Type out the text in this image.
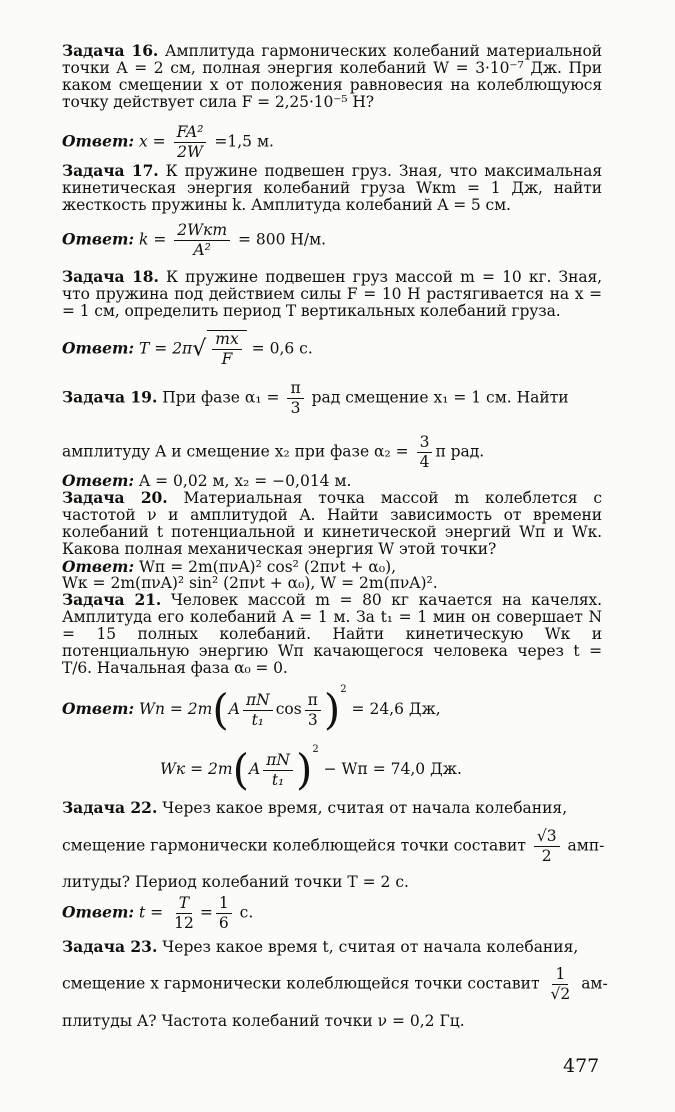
Задача 16. Амплитуда гармонических колебаний материальной точки A = 2 см, полная энергия колебаний W = 3·10⁻⁷ Дж. При каком смещении x от положения равновесия на колеблющуюся точку действует сила F = 2,25·10⁻⁵ Н?
Ответ: $x = \frac{\text{FA²}}{2W} =1,5$ м.
Задача 17. К пружине подвешен груз. Зная, что максимальная кинетическая энергия колебаний груза Wкm = 1 Дж, найти жесткость пружины k. Амплитуда колебаний A = 5 см.
Ответ: $k = \frac{\text{2Wкm}}{\text{A²}} = 800$ Н/м.
Задача 18. К пружине подвешен груз массой m = 10 кг. Зная, что пружина под действием силы F = 10 Н растягивается на x = = 1 см, определить период T вертикальных колебаний груза.
Ответ: $T = 2\pi√ \frac{mx}{F} = 0,6$ с.
Задача 19. При фазе $\alpha_1 = \frac{\pi}{3}$ рад смещение x₁ = 1 см. Найти
амплитуду A и смещение x₂ при фазе $\alpha_2 = \frac{3}{4}$ π рад.
Ответ: A = 0,02 м, x₂ = −0,014 м.
Задача 20. Материальная точка массой m колеблется с частотой ν и амплитудой A. Найти зависимость от времени колебаний t потенциальной и кинетической энергий Wп и Wк. Какова полная механическая энергия W этой точки?
Ответ: Wп = 2m(πνA)² cos² (2πνt + α₀),
Wк = 2m(πνA)² sin² (2πνt + α₀), W = 2m(πνA)².
Задача 21. Человек массой m = 80 кг качается на качелях. Амплитуда его колебаний A = 1 м. За t₁ = 1 мин он совершает N = 15 полных колебаний. Найти кинетическую Wк и потенциальную энергию Wп качающегося человека через t = T/6. Начальная фаза α₀ = 0.
Ответ: Wп = $2m(A \frac{\pi N}{\text{t₁}}$ $\cos \frac{\pi}{3} )^2 = 24,6$ Дж,
Wк = $2m(A \frac{\pi N}{\text{t₁}} )^2$ − Wп = 74,0 Дж.
Задача 22. Через какое время, считая от начала колебания,
смещение гармонически колеблющейся точки составит $\frac{√3}{2} амп-$
литуды? Период колебаний точки T = 2 с.
Ответ: $t = \frac{T}{12} = \frac{1}{6} с$.
Задача 23. Через какое время t, считая от начала колебания,
смещение x гармонически колеблющейся точки составит $\frac{1}{√2} ам-$
плитуды A? Частота колебаний точки ν = 0,2 Гц.
477
